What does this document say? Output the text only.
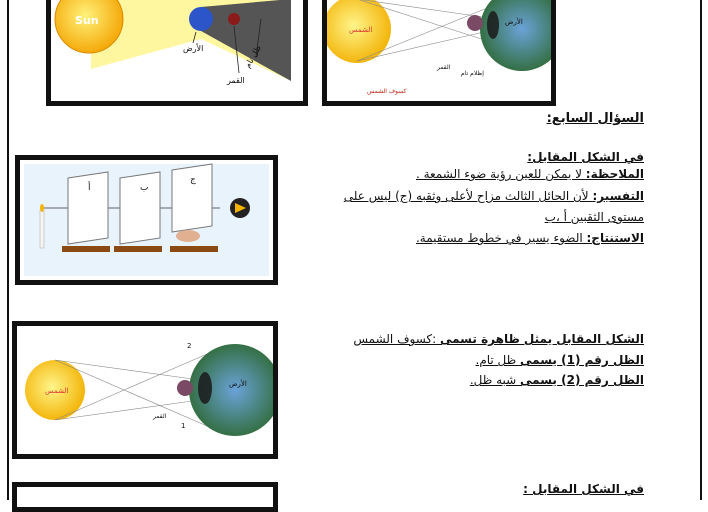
Sun
الأرض
القمر
ظل تام
الشمس
الأرض
القمر
إظلام تام
كسوف الشمس
السؤال السابع:
في الشكل المقابل:
الملاحظة: لا يمكن للعين رؤية ضوء الشمعة .
التفسير: لأن الحائل الثالث مزاح لأعلى وثقبه (ج) ليس على
مستوى الثقبين أ ،ب
الاستنتاج: الضوء يسير في خطوط مستقيمة.
أ	ب
ج
الشكل المقابل يمثل ظاهرة تسمى :كسوف الشمس
الظل رقم (1) يسمى ظل تام.
الظل رقم (2) يسمى شبه ظل.
الشمس
الأرض
القمر
1
2
في الشكل المقابل :
